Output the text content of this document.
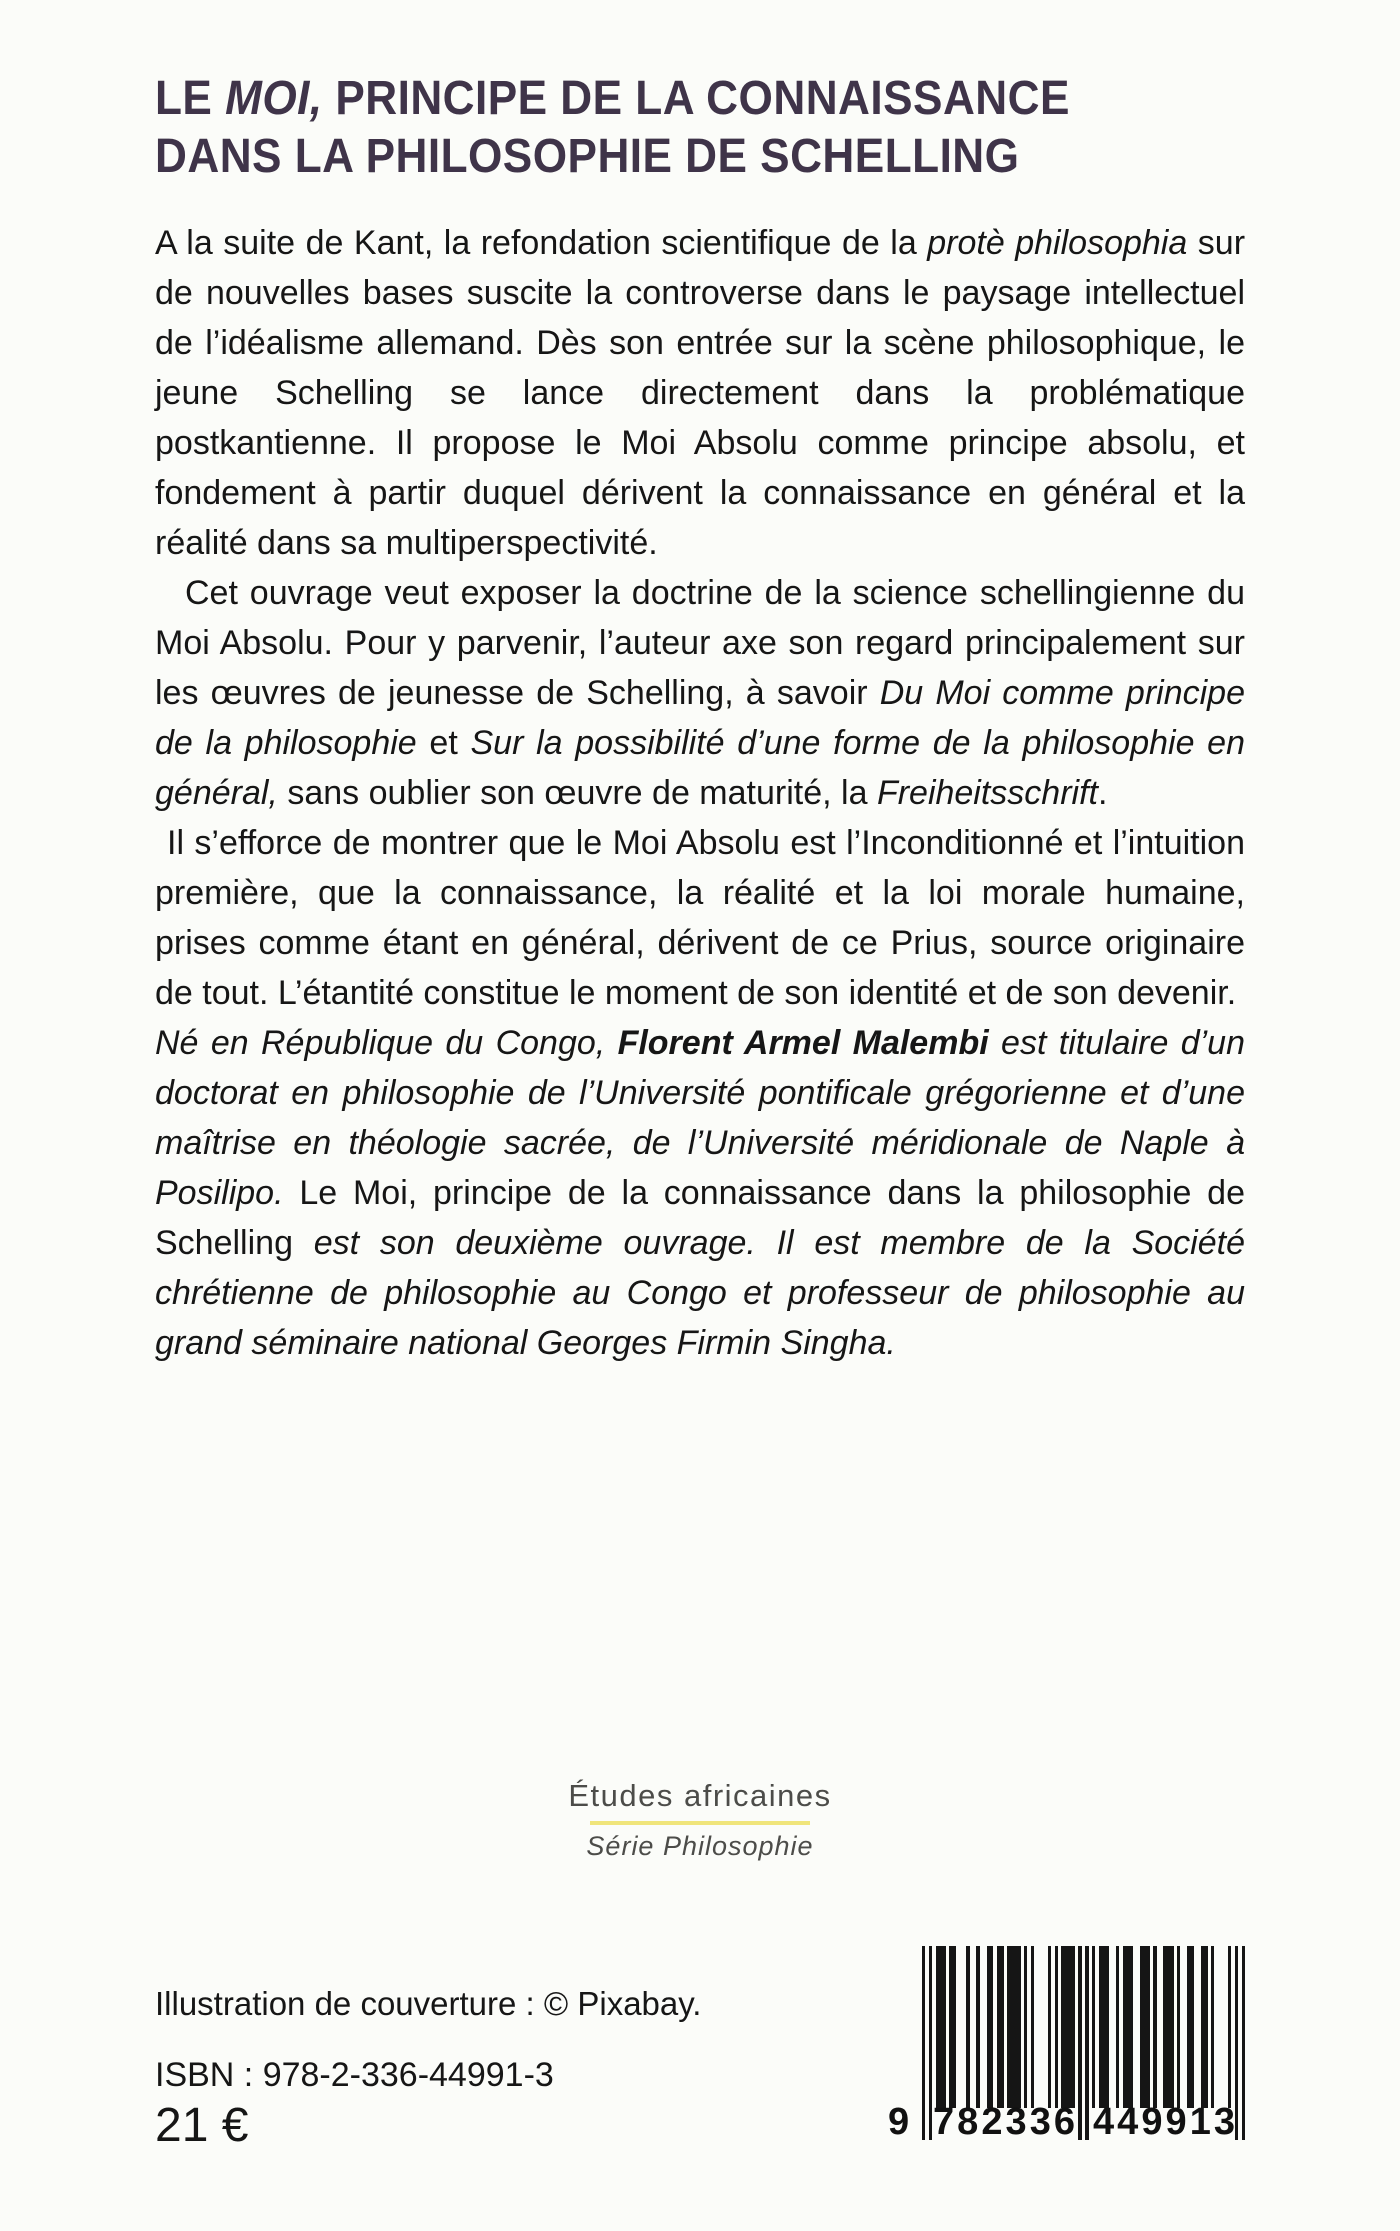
LE MOI, PRINCIPE DE LA CONNAISSANCE
DANS LA PHILOSOPHIE DE SCHELLING

A la suite de Kant, la refondation scientifique de la protè philosophia sur de nouvelles bases suscite la controverse dans le paysage intellectuel de l’idéalisme allemand. Dès son entrée sur la scène philosophique, le jeune Schelling se lance directement dans la problématique postkantienne. Il propose le Moi Absolu comme principe absolu, et fondement à partir duquel dérivent la connaissance en général et la réalité dans sa multiperspectivité.

Cet ouvrage veut exposer la doctrine de la science schellingienne du Moi Absolu. Pour y parvenir, l’auteur axe son regard principalement sur les œuvres de jeunesse de Schelling, à savoir Du Moi comme principe de la philosophie et Sur la possibilité d’une forme de la philosophie en général, sans oublier son œuvre de maturité, la Freiheitsschrift.

Il s’efforce de montrer que le Moi Absolu est l’Inconditionné et l’intuition première, que la connaissance, la réalité et la loi morale humaine, prises comme étant en général, dérivent de ce Prius, source originaire de tout. L’étantité constitue le moment de son identité et de son devenir.

Né en République du Congo, Florent Armel Malembi est titulaire d’un doctorat en philosophie de l’Université pontificale grégorienne et d’une maîtrise en théologie sacrée, de l’Université méridionale de Naple à Posilipo. Le Moi, principe de la connaissance dans la philosophie de Schelling est son deuxième ouvrage. Il est membre de la Société chrétienne de philosophie au Congo et professeur de philosophie au grand séminaire national Georges Firmin Singha.

Études africaines
Série Philosophie
Illustration de couverture : © Pixabay.
ISBN : 978-2-336-44991-3
21 €	9 7 8 2 3 3 6 4 4 9 9 1 3
